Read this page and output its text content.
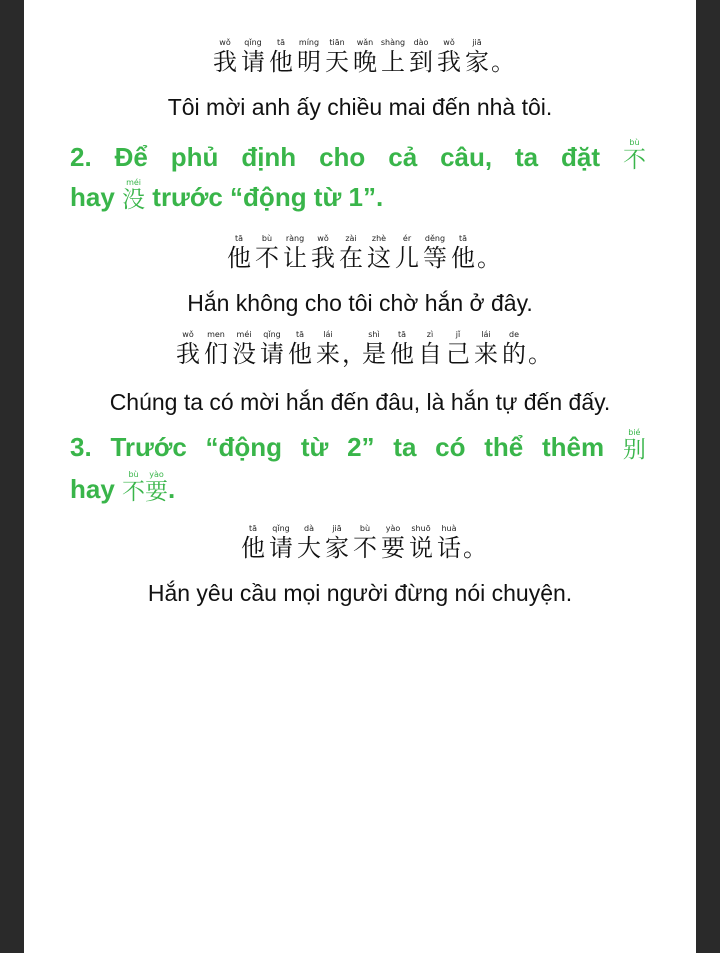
wǒ
我
qǐng
请
tā
他
míng
明
tiān
天
wǎn
晚
shàng
上
dào
到
wǒ
我
jiā
家 。
Tôi mời anh ấy chiều mai đến nhà tôi.
2. Để phủ định cho cả câu, ta đặt	bù
不
hay méi
没 trước “động từ 1”.
tā
他
bù
不
ràng
让
wǒ
我
zài
在
zhè
这
ér
儿
děng
等
tā
他 。
Hắn không cho tôi chờ hắn ở đây.
wǒ
我
men
们
méi
没
qǐng
请
tā
他
lái
来 ，
shì
是
tā
他
zì
自
jǐ
己
lái
来
de
的 。
Chúng ta có mời hắn đến đâu, là hắn tự đến đấy.
3. Trước “động từ 2” ta có thể thêm	bié
别
hay bù
不
yào
要 .
tā
他
qǐng
请
dà
大
jiā
家
bù
不
yào
要
shuō
说
huà
话 。
Hắn yêu cầu mọi người đừng nói chuyện.
